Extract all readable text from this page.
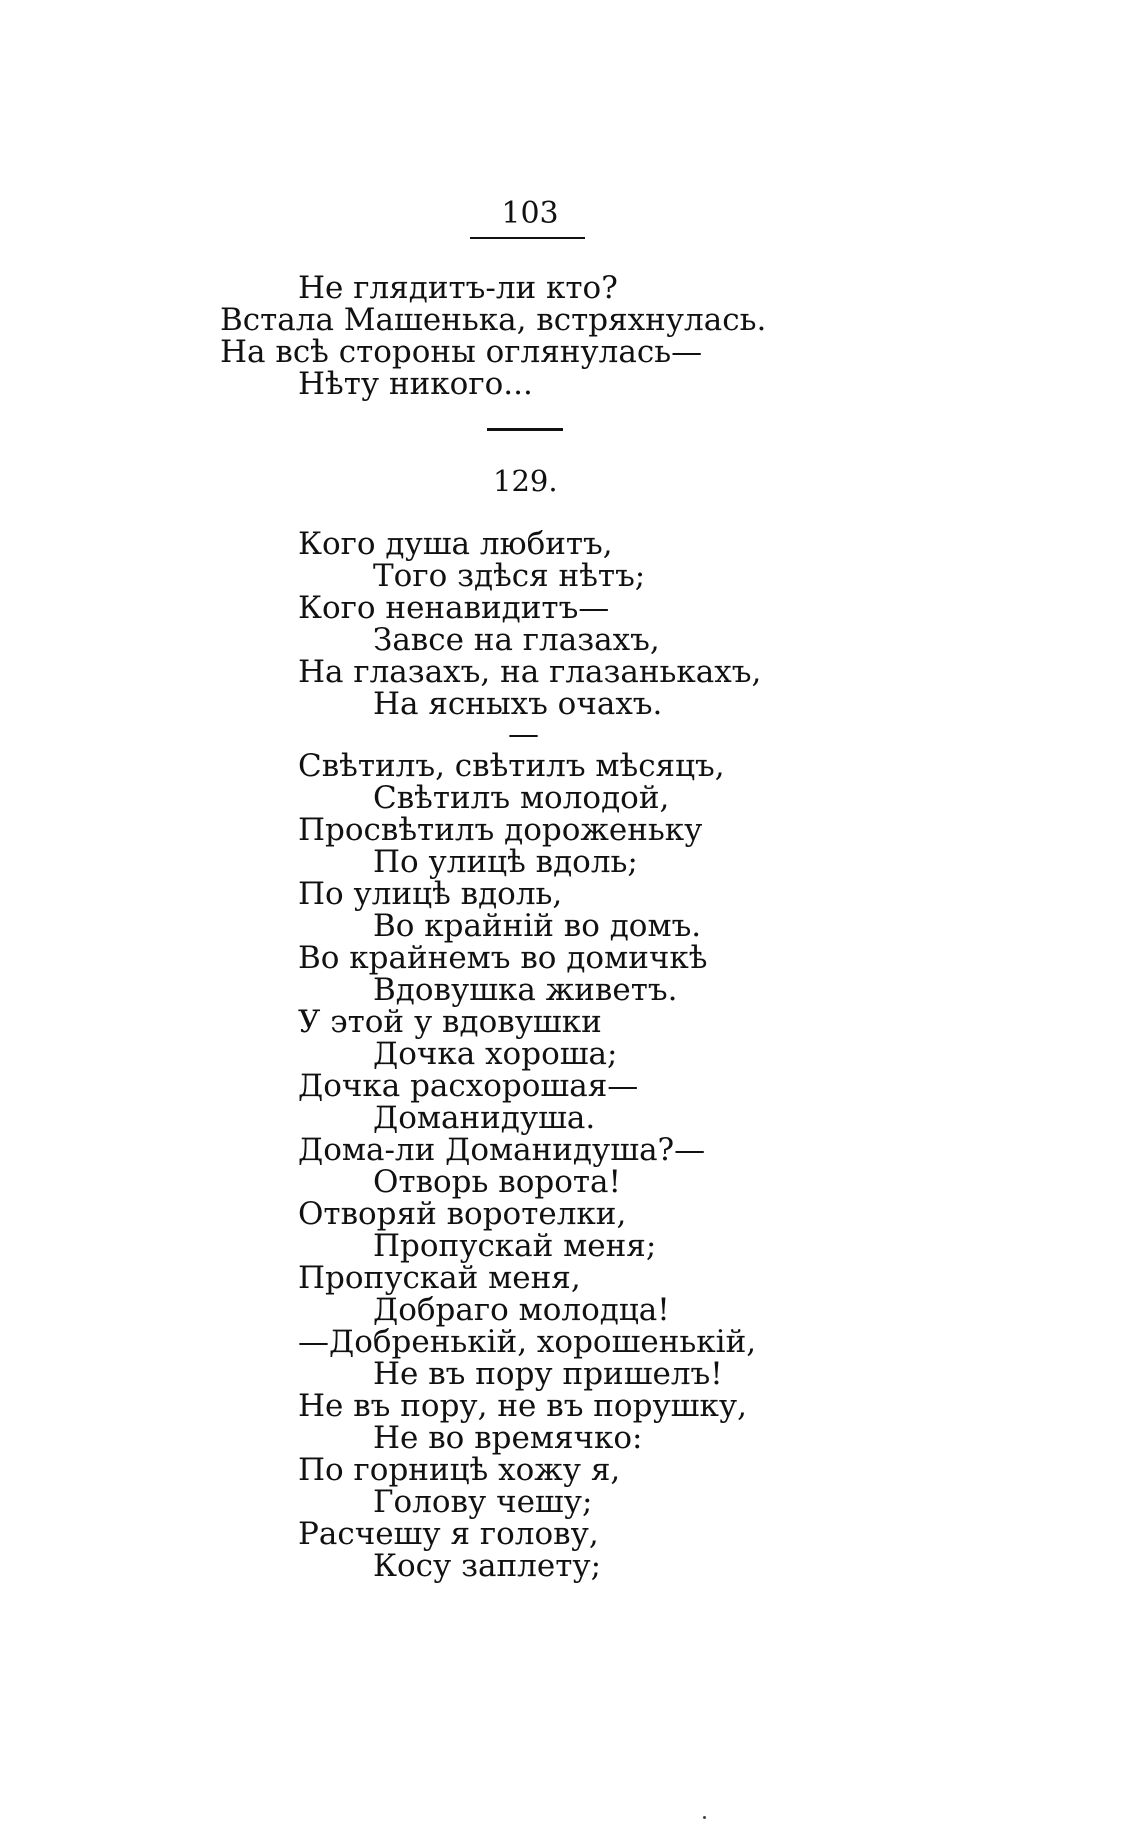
103
Не глядитъ-ли кто?
Встала Машенька, встряхнулась.
На всѣ стороны оглянулась—
Нѣту никого...
129.
Кого душа любитъ,
Того здѣся нѣтъ;
Кого ненавидитъ—
Завсе на глазахъ,
На глазахъ, на глазанькахъ,
На ясныхъ очахъ.
—
Свѣтилъ, свѣтилъ мѣсяцъ,
Свѣтилъ молодой,
Просвѣтилъ дороженьку
По улицѣ вдоль;
По улицѣ вдоль,
Во крайній во домъ.
Во крайнемъ во домичкѣ
Вдовушка живетъ.
У этой у вдовушки
Дочка хороша;
Дочка расхорошая—
Доманидуша.
Дома-ли Доманидуша?—
Отворь ворота!
Отворяй воротелки,
Пропускай меня;
Пропускай меня,
Добраго молодца!
—Добренькій, хорошенькій,
Не въ пору пришелъ!
Не въ пору, не въ порушку,
Не во времячко:
По горницѣ хожу я,
Голову чешу;
Расчешу я голову,
Косу заплету;
